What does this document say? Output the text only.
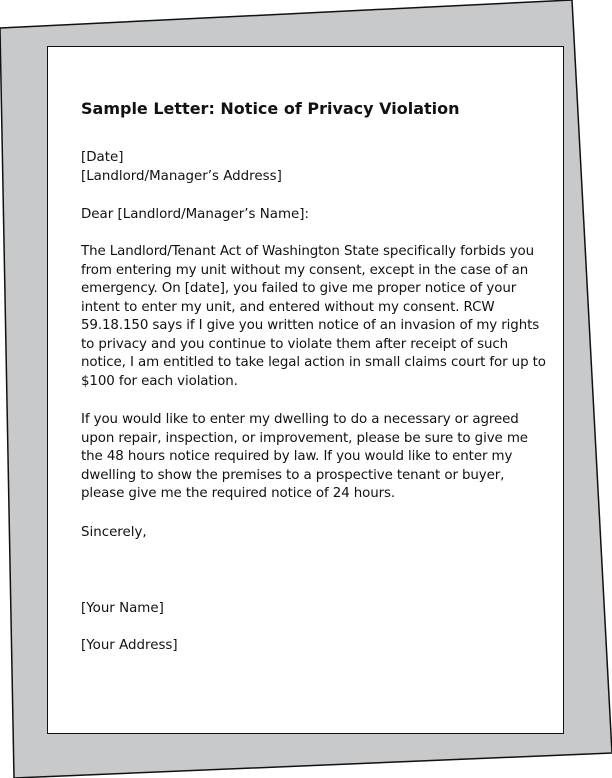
Sample Letter: Notice of Privacy Violation

[Date]

[Landlord/Manager’s Address]

Dear [Landlord/Manager’s Name]:

The Landlord/Tenant Act of Washington State specifically forbids you
from entering my unit without my consent, except in the case of an
emergency. On [date], you failed to give me proper notice of your
intent to enter my unit, and entered without my consent. RCW
59.18.150 says if I give you written notice of an invasion of my rights
to privacy and you continue to violate them after receipt of such
notice, I am entitled to take legal action in small claims court for up to
$100 for each violation.
If you would like to enter my dwelling to do a necessary or agreed
upon repair, inspection, or improvement, please be sure to give me
the 48 hours notice required by law. If you would like to enter my
dwelling to show the premises to a prospective tenant or buyer,
please give me the required notice of 24 hours.

Sincerely,

[Your Name]

[Your Address]
